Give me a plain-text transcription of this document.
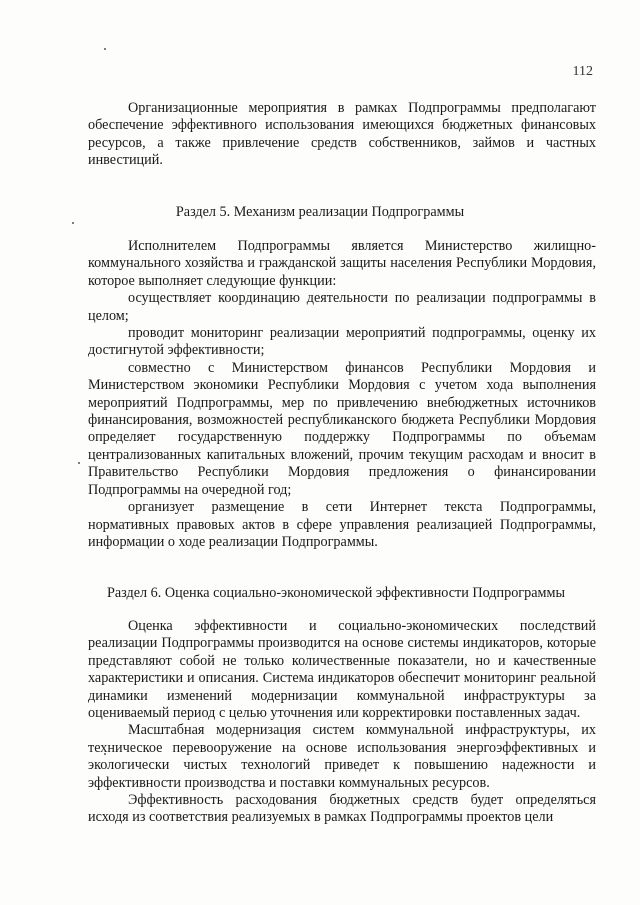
112

Организационные мероприятия в рамках Подпрограммы предполагают обеспечение эффективного использования имеющихся бюджетных финансовых ресурсов, а также привлечение средств собственников, займов и частных инвестиций.

Раздел 5. Механизм реализации Подпрограммы

Исполнителем Подпрограммы является Министерство жилищно-коммунального хозяйства и гражданской защиты населения Республики Мордовия, которое выполняет следующие функции:

осуществляет координацию деятельности по реализации подпрограммы в целом;

проводит мониторинг реализации мероприятий подпрограммы, оценку их достигнутой эффективности;

совместно с Министерством финансов Республики Мордовия и Министерством экономики Республики Мордовия с учетом хода выполнения мероприятий Подпрограммы, мер по привлечению внебюджетных источников финансирования, возможностей республиканского бюджета Республики Мордовия определяет государственную поддержку Подпрограммы по объемам централизованных капитальных вложений, прочим текущим расходам и вносит в Правительство Республики Мордовия предложения о финансировании Подпрограммы на очередной год;

организует размещение в сети Интернет текста Подпрограммы, нормативных правовых актов в сфере управления реализацией Подпрограммы, информации о ходе реализации Подпрограммы.

Раздел 6. Оценка социально-экономической эффективности Подпрограммы

Оценка эффективности и социально-экономических последствий реализации Подпрограммы производится на основе системы индикаторов, которые представляют собой не только количественные показатели, но и качественные характеристики и описания. Система индикаторов обеспечит мониторинг реальной динамики изменений модернизации коммунальной инфраструктуры за оцениваемый период с целью уточнения или корректировки поставленных задач.

Масштабная модернизация систем коммунальной инфраструктуры, их техническое перевооружение на основе использования энергоэффективных и экологически чистых технологий приведет к повышению надежности и эффективности производства и поставки коммунальных ресурсов.

Эффективность расходования бюджетных средств будет определяться исходя из соответствия реализуемых в рамках Подпрограммы проектов цели
